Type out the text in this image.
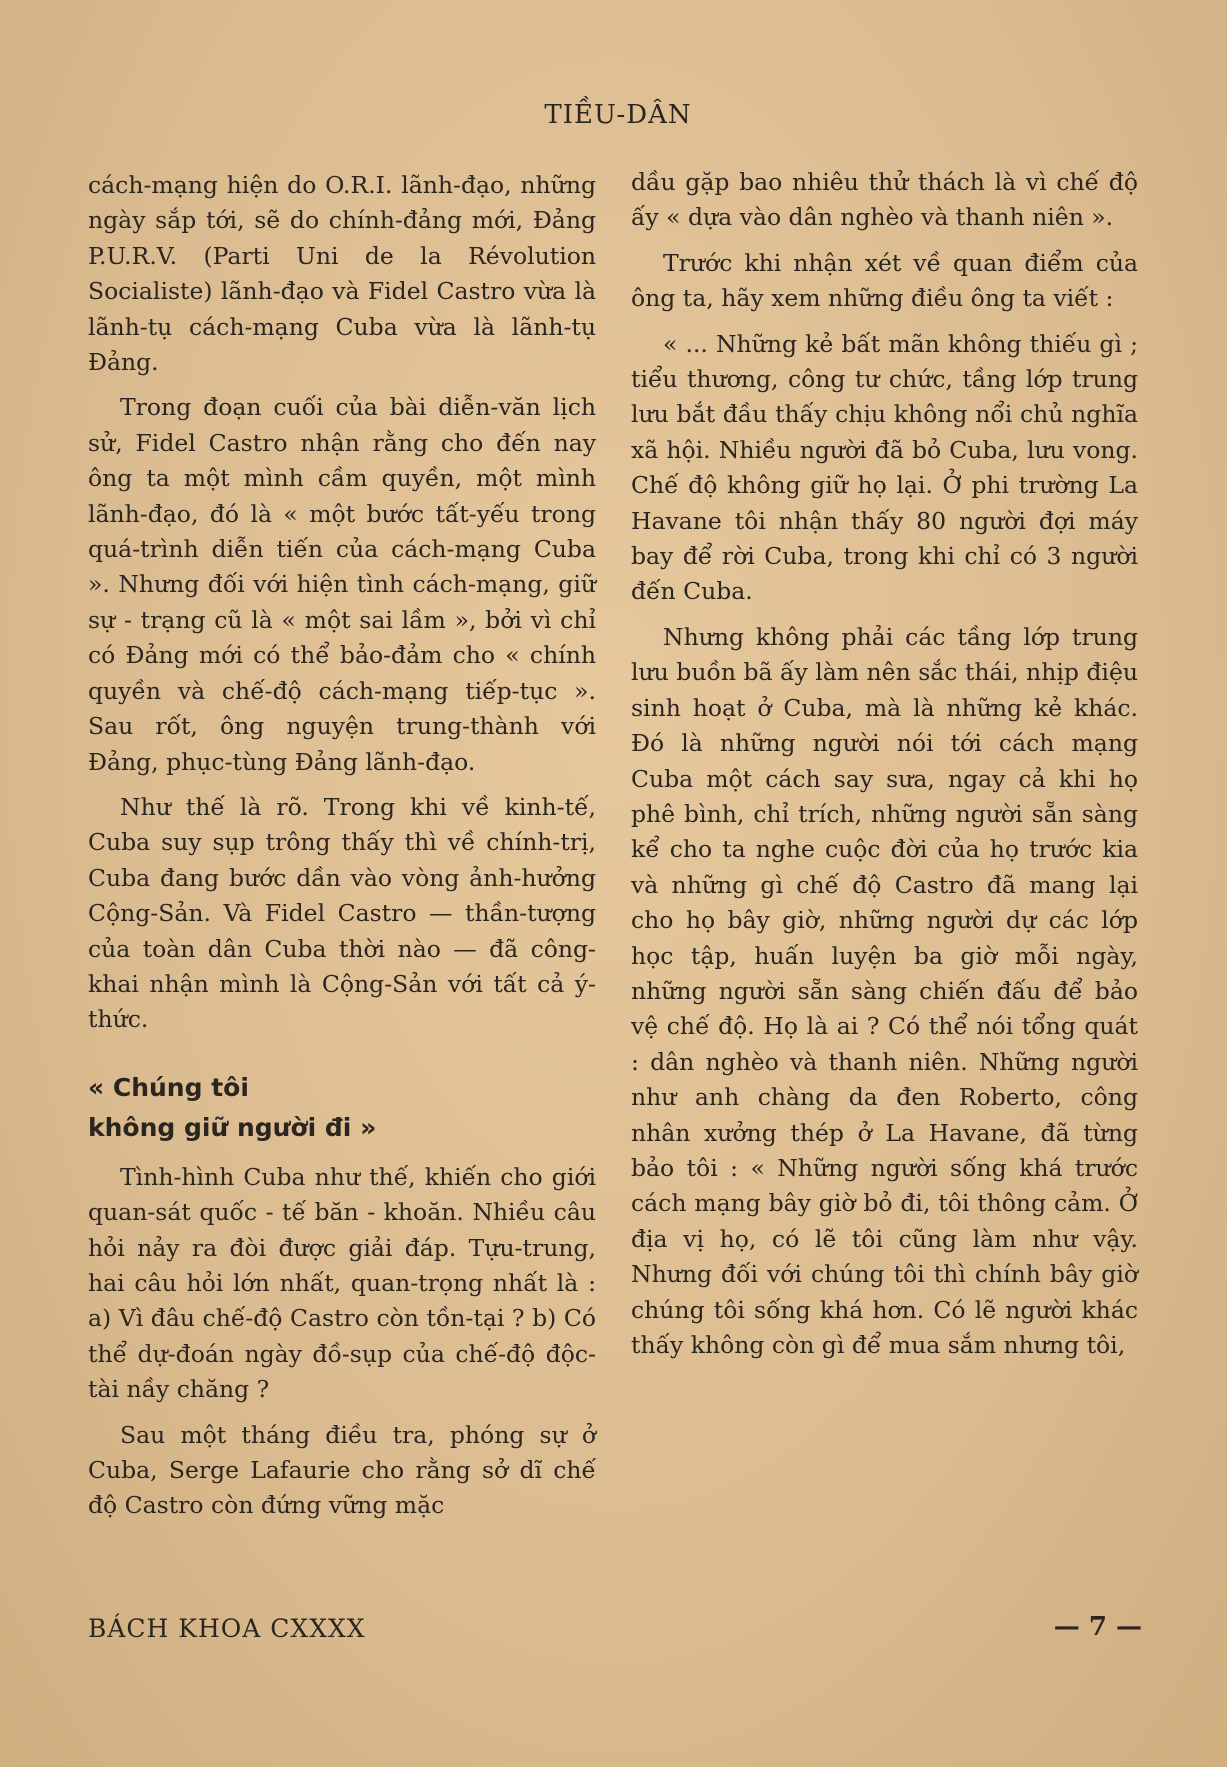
TIỀU-DÂN

cách-mạng hiện do O.R.I. lãnh-đạo, những ngày sắp tới, sẽ do chính-đảng mới, Đảng P.U.R.V. (Parti Uni de la Révolution Socialiste) lãnh-đạo và Fidel Castro vừa là lãnh-tụ cách-mạng Cuba vừa là lãnh-tụ Đảng.

Trong đoạn cuối của bài diễn-văn lịch sử, Fidel Castro nhận rằng cho đến nay ông ta một mình cầm quyền, một mình lãnh-đạo, đó là « một bước tất-yếu trong quá-trình diễn tiến của cách-mạng Cuba ». Nhưng đối với hiện tình cách-mạng, giữ sự - trạng cũ là « một sai lầm », bởi vì chỉ có Đảng mới có thể bảo-đảm cho « chính quyền và chế-độ cách-mạng tiếp-tục ». Sau rốt, ông nguyện trung-thành với Đảng, phục-tùng Đảng lãnh-đạo.

Như thế là rõ. Trong khi về kinh-tế, Cuba suy sụp trông thấy thì về chính-trị, Cuba đang bước dần vào vòng ảnh-hưởng Cộng-Sản. Và Fidel Castro — thần-tượng của toàn dân Cuba thời nào — đã công-khai nhận mình là Cộng-Sản với tất cả ý-thức.

« Chúng tôi
không giữ người đi »

Tình-hình Cuba như thế, khiến cho giới quan-sát quốc - tế băn - khoăn. Nhiều câu hỏi nảy ra đòi được giải đáp. Tựu-trung, hai câu hỏi lớn nhất, quan-trọng nhất là : a) Vì đâu chế-độ Castro còn tồn-tại ? b) Có thể dự-đoán ngày đồ-sụp của chế-độ độc-tài nầy chăng ?

Sau một tháng điều tra, phóng sự ở Cuba, Serge Lafaurie cho rằng sở dĩ chế độ Castro còn đứng vững mặc

dầu gặp bao nhiêu thử thách là vì chế độ ấy « dựa vào dân nghèo và thanh niên ».

Trước khi nhận xét về quan điểm của ông ta, hãy xem những điều ông ta viết :

« ... Những kẻ bất mãn không thiếu gì ; tiểu thương, công tư chức, tầng lớp trung lưu bắt đầu thấy chịu không nổi chủ nghĩa xã hội. Nhiều người đã bỏ Cuba, lưu vong. Chế độ không giữ họ lại. Ở phi trường La Havane tôi nhận thấy 80 người đợi máy bay để rời Cuba, trong khi chỉ có 3 người đến Cuba.

Nhưng không phải các tầng lớp trung lưu buồn bã ấy làm nên sắc thái, nhịp điệu sinh hoạt ở Cuba, mà là những kẻ khác. Đó là những người nói tới cách mạng Cuba một cách say sưa, ngay cả khi họ phê bình, chỉ trích, những người sẵn sàng kể cho ta nghe cuộc đời của họ trước kia và những gì chế độ Castro đã mang lại cho họ bây giờ, những người dự các lớp học tập, huấn luyện ba giờ mỗi ngày, những người sẵn sàng chiến đấu để bảo vệ chế độ. Họ là ai ? Có thể nói tổng quát : dân nghèo và thanh niên. Những người như anh chàng da đen Roberto, công nhân xưởng thép ở La Havane, đã từng bảo tôi : « Những người sống khá trước cách mạng bây giờ bỏ đi, tôi thông cảm. Ở địa vị họ, có lẽ tôi cũng làm như vậy. Nhưng đối với chúng tôi thì chính bây giờ chúng tôi sống khá hơn. Có lẽ người khác thấy không còn gì để mua sắm nhưng tôi,

BÁCH KHOA CXXXX	— 7 —
